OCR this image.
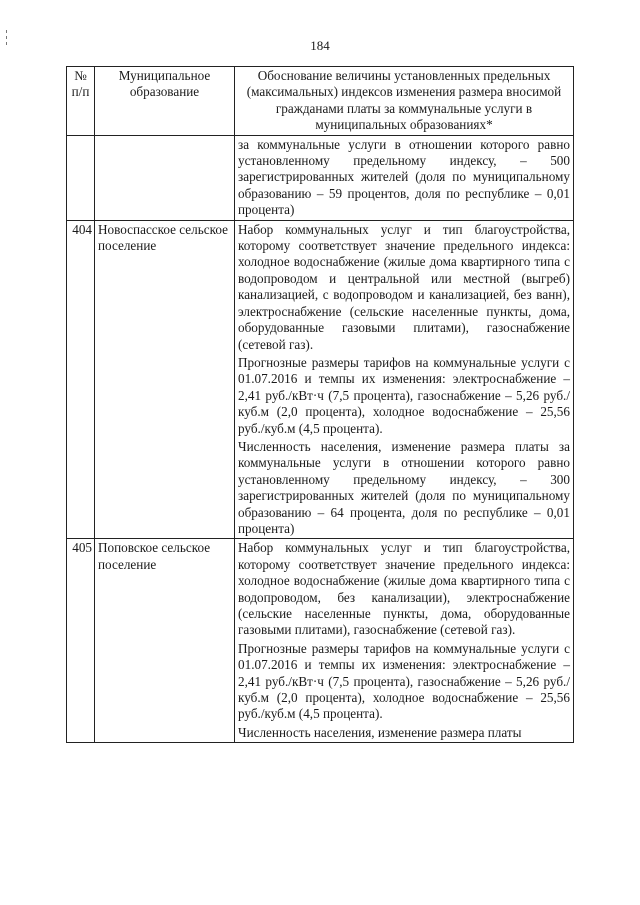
184
№ п/п	Муниципальное образование	Обоснование величины установленных предельных (максимальных) индексов изменения размера вносимой гражданами платы за коммунальные услуги в муниципальных образованиях*

		за коммунальные услуги в отношении которого равно установленному предельному индексу, – 500 зарегистрированных жителей (доля по муниципальному образованию – 59 процентов, доля по республике – 0,01 процента)

404	Новоспасское сельское поселение	Набор коммунальных услуг и тип благоустройства, которому соответствует значение предельного индекса: холодное водоснабжение (жилые дома квартирного типа с водопроводом и центральной или местной (выгреб) канализацией, с водопроводом и канализацией, без ванн), электроснабжение (сельские населенные пункты, дома, оборудованные газовыми плитами), газоснабжение (сетевой газ).

Прогнозные размеры тарифов на коммунальные услуги с 01.07.2016 и темпы их изменения: электроснабжение – 2,41 руб./кВт·ч (7,5 процента), газоснабжение – 5,26 руб./куб.м (2,0 процента), холодное водоснабжение – 25,56 руб./куб.м (4,5 процента).

Численность населения, изменение размера платы за коммунальные услуги в отношении которого равно установленному предельному индексу, – 300 зарегистрированных жителей (доля по муниципальному образованию – 64 процента, доля по республике – 0,01 процента)

405	Поповское сельское поселение	Набор коммунальных услуг и тип благоустройства, которому соответствует значение предельного индекса: холодное водоснабжение (жилые дома квартирного типа с водопроводом, без канализации), электроснабжение (сельские населенные пункты, дома, оборудованные газовыми плитами), газоснабжение (сетевой газ).

Прогнозные размеры тарифов на коммунальные услуги с 01.07.2016 и темпы их изменения: электроснабжение – 2,41 руб./кВт·ч (7,5 процента), газоснабжение – 5,26 руб./куб.м (2,0 процента), холодное водоснабжение – 25,56 руб./куб.м (4,5 процента).

Численность населения, изменение размера платы
